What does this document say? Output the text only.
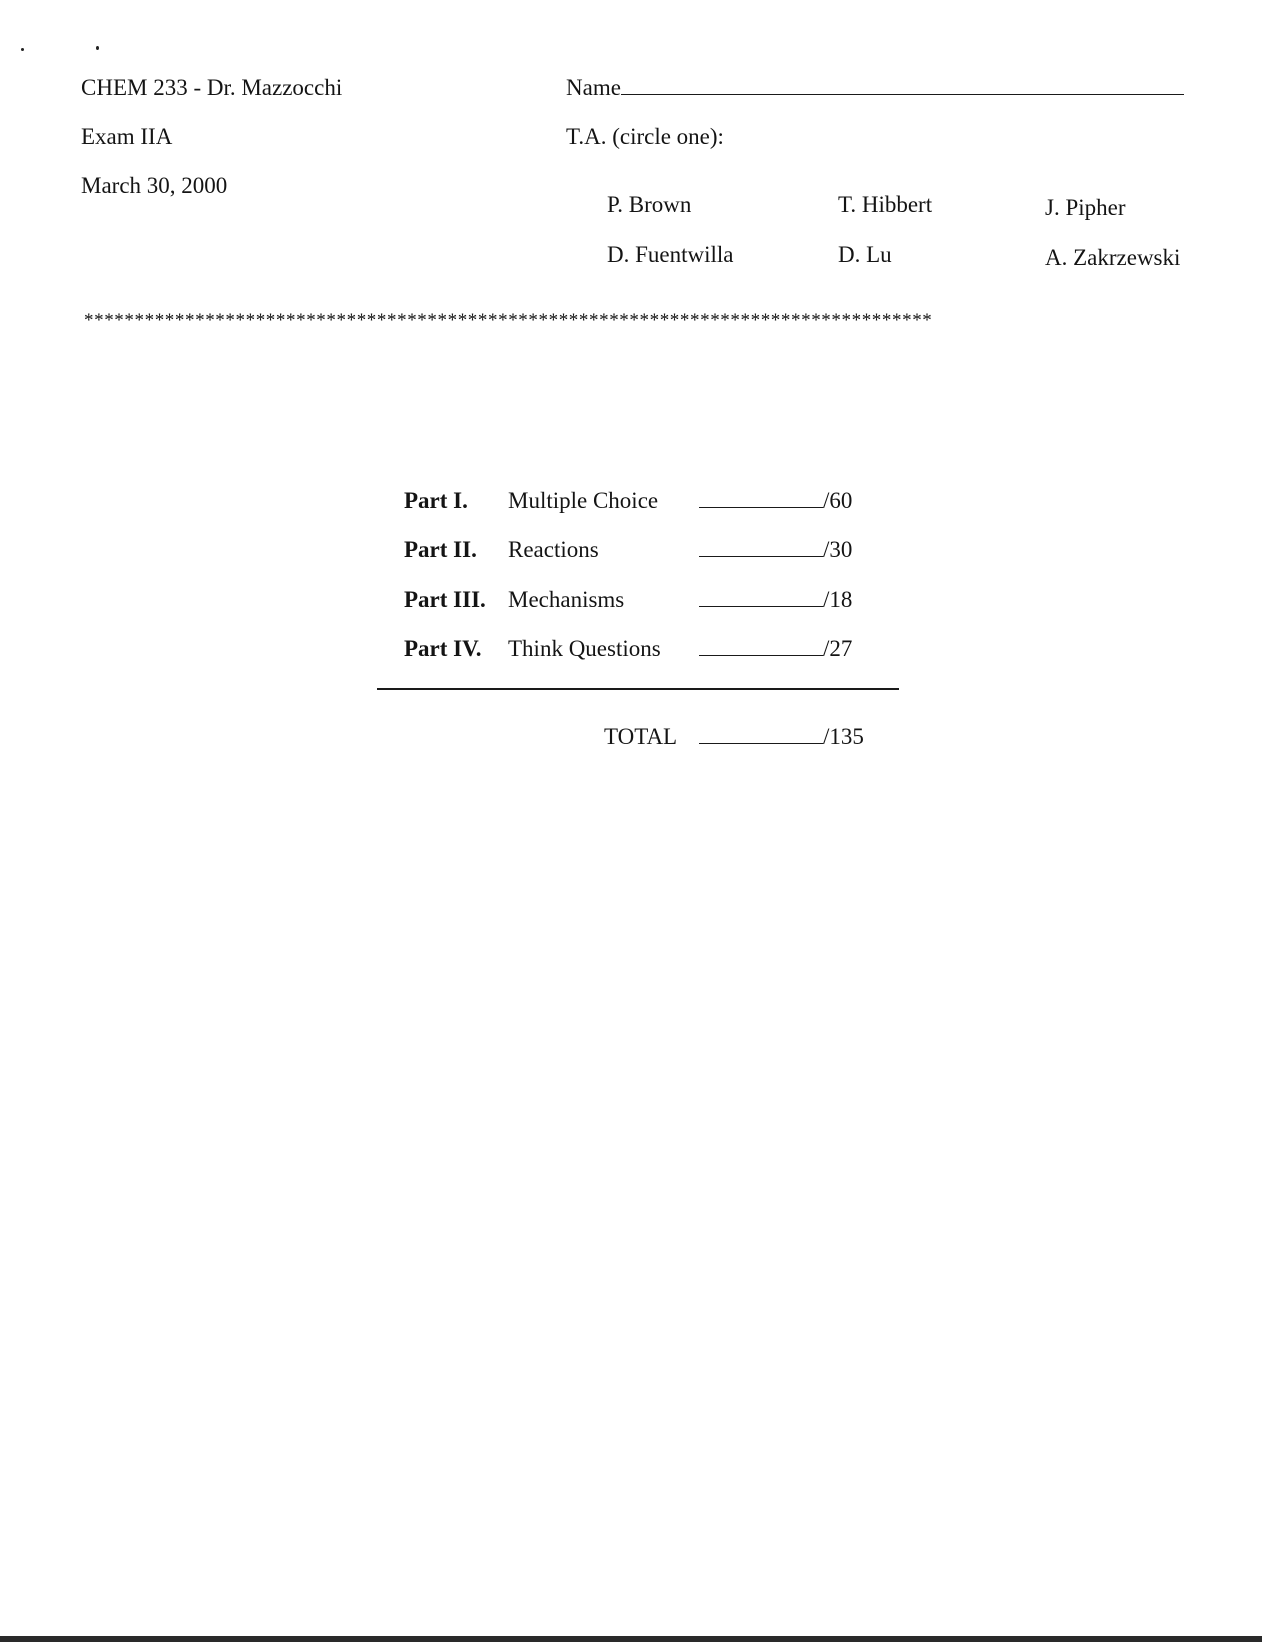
CHEM 233 - Dr. Mazzocchi
Exam IIA
March 30, 2000
Name
T.A. (circle one):
P. Brown	T. Hibbert	J. Pipher
D. Fuentwilla	D. Lu	A. Zakrzewski
************************************************************************************
Part I. Multiple Choice	/60
Part II. Reactions	/30
Part III. Mechanisms	/18
Part IV. Think Questions	/27
TOTAL	/135
